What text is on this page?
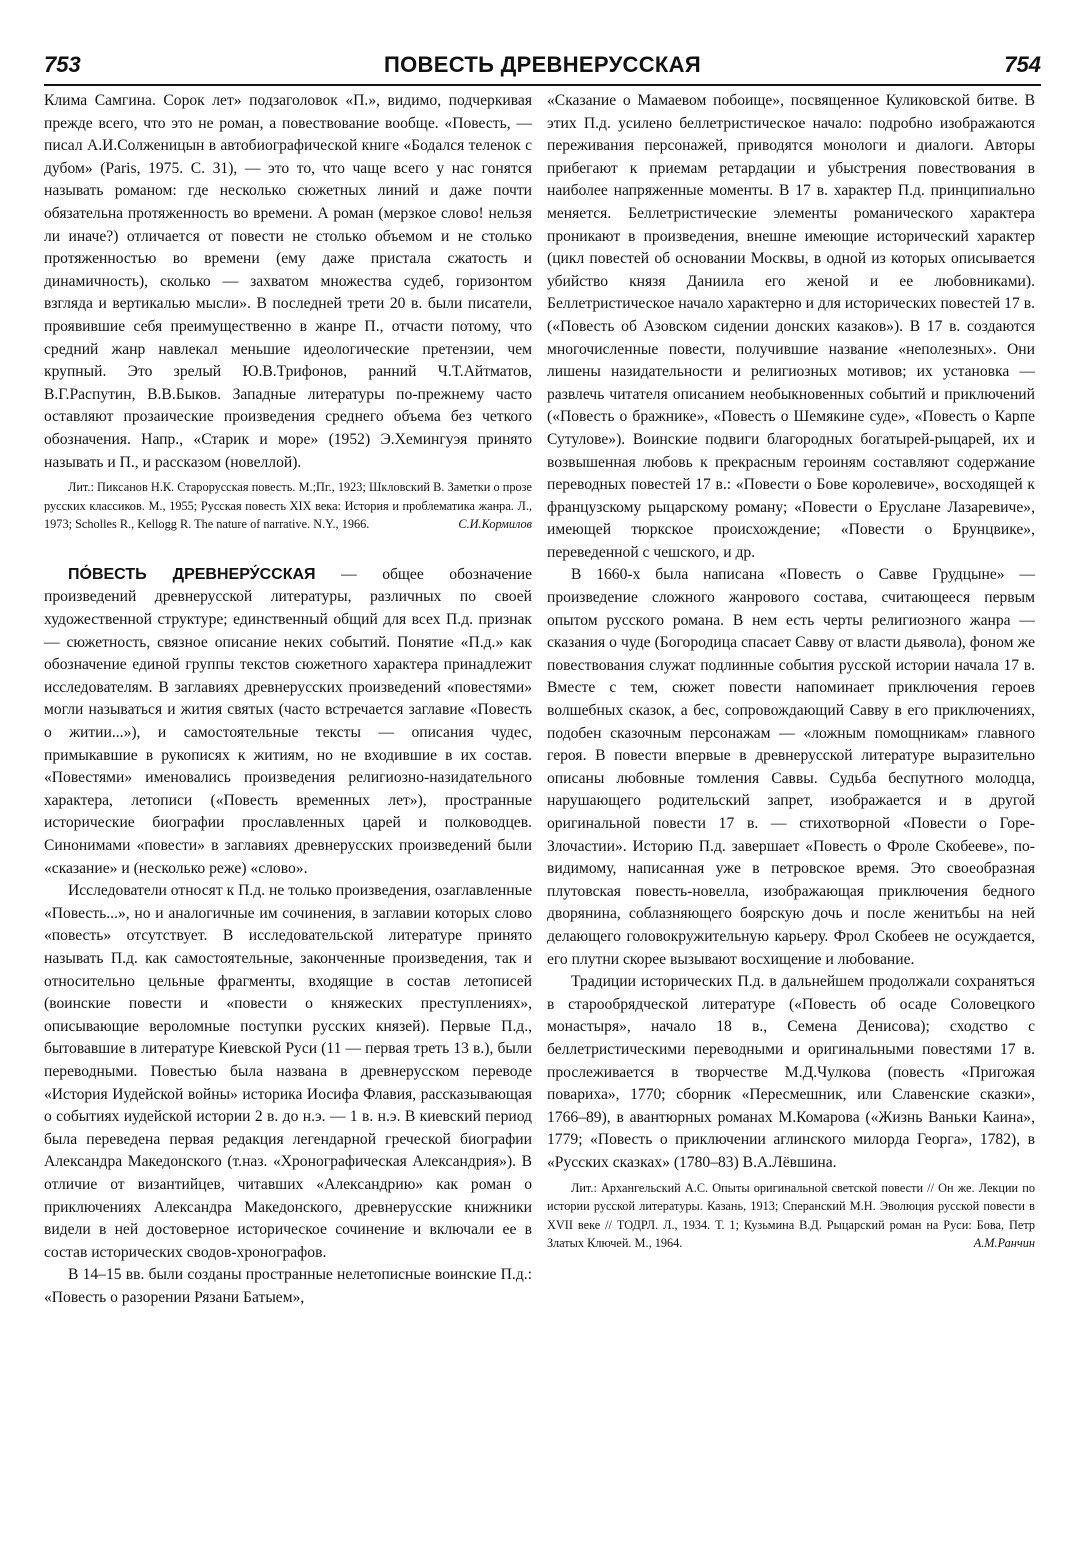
753	ПОВЕСТЬ ДРЕВНЕРУССКАЯ	754

Клима Самгина. Сорок лет» подзаголовок «П.», видимо, подчеркивая прежде всего, что это не роман, а повествование вообще. «Повесть, — писал А.И.Солженицын в автобиографической книге «Бодался теленок с дубом» (Paris, 1975. С. 31), — это то, что чаще всего у нас гонятся называть романом: где несколько сюжетных линий и даже почти обязательна протяженность во времени. А роман (мерзкое слово! нельзя ли иначе?) отличается от повести не столько объемом и не столько протяженностью во времени (ему даже пристала сжатость и динамичность), сколько — захватом множества судеб, горизонтом взгляда и вертикалью мысли». В последней трети 20 в. были писатели, проявившие себя преимущественно в жанре П., отчасти потому, что средний жанр навлекал меньшие идеологические претензии, чем крупный. Это зрелый Ю.В.Трифонов, ранний Ч.Т.Айтматов, В.Г.Распутин, В.В.Быков. Западные литературы по-прежнему часто оставляют прозаические произведения среднего объема без четкого обозначения. Напр., «Старик и море» (1952) Э.Хемингуэя принято называть и П., и рассказом (новеллой).

Лит.: Пиксанов Н.К. Старорусская повесть. М.;Пг., 1923; Шкловский В. Заметки о прозе русских классиков. М., 1955; Русская повесть XIX века: История и проблематика жанра. Л., 1973; Scholles R., Kellogg R. The nature of narrative. N.Y., 1966.	С.И.Кормилов

ПО́ВЕСТЬ ДРЕВНЕРУ́ССКАЯ — общее обозначение произведений древнерусской литературы, различных по своей художественной структуре; единственный общий для всех П.д. признак — сюжетность, связное описание неких событий. Понятие «П.д.» как обозначение единой группы текстов сюжетного характера принадлежит исследователям. В заглавиях древнерусских произведений «повестями» могли называться и жития святых (часто встречается заглавие «Повесть о житии...»), и самостоятельные тексты — описания чудес, примыкавшие в рукописях к житиям, но не входившие в их состав. «Повестями» именовались произведения религиозно-назидательного характера, летописи («Повесть временных лет»), пространные исторические биографии прославленных царей и полководцев. Синонимами «повести» в заглавиях древнерусских произведений были «сказание» и (несколько реже) «слово».

Исследователи относят к П.д. не только произведения, озаглавленные «Повесть...», но и аналогичные им сочинения, в заглавии которых слово «повесть» отсутствует. В исследовательской литературе принято называть П.д. как самостоятельные, законченные произведения, так и относительно цельные фрагменты, входящие в состав летописей (воинские повести и «повести о княжеских преступлениях», описывающие вероломные поступки русских князей). Первые П.д., бытовавшие в литературе Киевской Руси (11 — первая треть 13 в.), были переводными. Повестью была названа в древнерусском переводе «История Иудейской войны» историка Иосифа Флавия, рассказывающая о событиях иудейской истории 2 в. до н.э. — 1 в. н.э. В киевский период была переведена первая редакция легендарной греческой биографии Александра Македонского (т.наз. «Хронографическая Александрия»). В отличие от византийцев, читавших «Александрию» как роман о приключениях Александра Македонского, древнерусские книжники видели в ней достоверное историческое сочинение и включали ее в состав исторических сводов-хронографов.

В 14–15 вв. были созданы пространные нелетописные воинские П.д.: «Повесть о разорении Рязани Батыем»,

«Сказание о Мамаевом побоище», посвященное Куликовской битве. В этих П.д. усилено беллетристическое начало: подробно изображаются переживания персонажей, приводятся монологи и диалоги. Авторы прибегают к приемам ретардации и убыстрения повествования в наиболее напряженные моменты. В 17 в. характер П.д. принципиально меняется. Беллетристические элементы романического характера проникают в произведения, внешне имеющие исторический характер (цикл повестей об основании Москвы, в одной из которых описывается убийство князя Даниила его женой и ее любовниками). Беллетристическое начало характерно и для исторических повестей 17 в. («Повесть об Азовском сидении донских казаков»). В 17 в. создаются многочисленные повести, получившие название «неполезных». Они лишены назидательности и религиозных мотивов; их установка — развлечь читателя описанием необыкновенных событий и приключений («Повесть о бражнике», «Повесть о Шемякине суде», «Повесть о Карпе Сутулове»). Воинские подвиги благородных богатырей-рыцарей, их и возвышенная любовь к прекрасным героиням составляют содержание переводных повестей 17 в.: «Повести о Бове королевиче», восходящей к французскому рыцарскому роману; «Повести о Еруслане Лазаревиче», имеющей тюркское происхождение; «Повести о Брунцвике», переведенной с чешского, и др.

В 1660-х была написана «Повесть о Савве Грудцыне» — произведение сложного жанрового состава, считающееся первым опытом русского романа. В нем есть черты религиозного жанра — сказания о чуде (Богородица спасает Савву от власти дьявола), фоном же повествования служат подлинные события русской истории начала 17 в. Вместе с тем, сюжет повести напоминает приключения героев волшебных сказок, а бес, сопровождающий Савву в его приключениях, подобен сказочным персонажам — «ложным помощникам» главного героя. В повести впервые в древнерусской литературе выразительно описаны любовные томления Саввы. Судьба беспутного молодца, нарушающего родительский запрет, изображается и в другой оригинальной повести 17 в. — стихотворной «Повести о Горе-Злочастии». Историю П.д. завершает «Повесть о Фроле Скобееве», по-видимому, написанная уже в петровское время. Это своеобразная плутовская повесть-новелла, изображающая приключения бедного дворянина, соблазняющего боярскую дочь и после женитьбы на ней делающего головокружительную карьеру. Фрол Скобеев не осуждается, его плутни скорее вызывают восхищение и любование.

Традиции исторических П.д. в дальнейшем продолжали сохраняться в старообрядческой литературе («Повесть об осаде Соловецкого монастыря», начало 18 в., Семена Денисова); сходство с беллетристическими переводными и оригинальными повестями 17 в. прослеживается в творчестве М.Д.Чулкова (повесть «Пригожая повариха», 1770; сборник «Пересмешник, или Славенские сказки», 1766–89), в авантюрных романах М.Комарова («Жизнь Ваньки Каина», 1779; «Повесть о приключении аглинского милорда Георга», 1782), в «Русских сказках» (1780–83) В.А.Лёвшина.

Лит.: Архангельский А.С. Опыты оригинальной светской повести // Он же. Лекции по истории русской литературы. Казань, 1913; Сперанский М.Н. Эволюция русской повести в XVII веке // ТОДРЛ. Л., 1934. Т. 1; Кузьмина В.Д. Рыцарский роман на Руси: Бова, Петр Златых Ключей. М., 1964.	А.М.Ранчин
